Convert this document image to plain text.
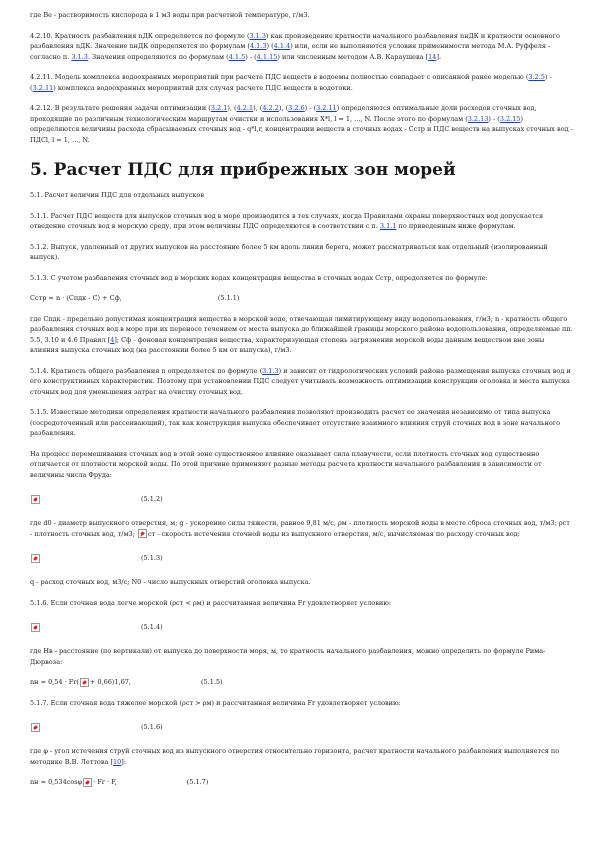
где Ве - растворимость кислорода в 1 м3 воды при расчетной температуре, г/м3.

4.2.10. Кратность разбавления nДК определяется по формуле (3.1.3) как произведение кратности начального разбавления nнДК и кратности основного разбавления nДК. Значение nнДК определяется по формулам (4.1.3) (4.1.4) или, если не выполняются условия применимости метода М.А. Руффеля - согласно п. 3.1.3. Значения определяются по формулам (4.1.5) - (4.1.15) или численным методом А.В. Караушева [14].

4.2.11. Модель комплекса водоохранных мероприятий при расчете ПДС веществ в водоемы полностью совпадает с описанной ранее моделью (3.2.5) - (3.2.11) комплекса водоохранных мероприятий для случая расчете ПДС веществ в водотоки.

4.2.12. В результате решения задачи оптимизации (3.2.1), (4.2.1), (4.2.2), (3.2.6) - (3.2.11) определяются оптимальные доли расходов сточных вод, проходящие по различным технологическим маршрутам очистки и использования X*l, l = 1, ..., N. После этого по формулам (3.2.13) - (3.2.15) определяются величины расхода сбрасываемых сточных вод - q*l,r, концентрации веществ в сточных водах - Сстр и ПДС веществ на выпусках сточных вод - ПДСl, l = 1, ..., N.

5. Расчет ПДС для прибрежных зон морей

5.1. Расчет величин ПДС для отдельных выпусков

5.1.1. Расчет ПДС веществ для выпусков сточных вод в море производится в тех случаях, когда Правилами охраны поверхностных вод допускается отведение сточных вод в морскую среду, при этом величины ПДС определяются в соответствии с п. 3.1.1 по приведенным ниже формулам.

5.1.2. Выпуск, удаленный от других выпусков на расстояние более 5 км вдоль линии берега, может рассматриваться как отдельный (изолированный выпуск).

5.1.3. С учетом разбавления сточных вод в морских водах концентрация вещества в сточных водах Сстр, определяется по формуле:

Сстр = n · (Спдк - С) + Сф,	(5.1.1)

где Спдк - предельно допустимая концентрация вещества в морской воде, отвечающая лимитирующему виду водопользования, г/м3; n - кратность общего разбавления сточных вод в море при их переносе течением от места выпуска до ближайшей границы морского района водопользования, определяемые пп. 5.5, 3.10 и 4.6 Правил [4]; Сф - фоновая концентрация вещества, характеризующая степень загрязнения морской воды данным веществом вне зоны влияния выпуска сточных вод (на расстоянии более 5 км от выпуска), г/м3.

5.1.4. Кратность общего разбавления n определяется по формуле (3.1.3) и зависит от гидрологических условий района размещения выпуска сточных вод и его конструктивных характеристик. Поэтому при установлении ПДС следует учитывать возможность оптимизации конструкции оголовка и места выпуска сточных вод для уменьшения затрат на очистку сточных вод.

5.1.5. Известные методики определения кратности начального разбавления позволяют производить расчет ее значения независимо от типа выпуска (сосредоточенный или рассеивающий), так как конструкция выпуска обеспечивает отсутствие взаимного влияния струй сточных вод в зоне начального разбавления.

На процесс перемешивания сточных вод в этой зоне существенное влияние оказывает сила плавучести, если плотность сточных вод существенно отличается от плотности морской воды. По этой причине применяют разные методы расчета кратности начального разбавления в зависимости от величины числа Фруда:

(5.1.2)

где d0 - диаметр выпускного отверстия, м; g - ускорение силы тяжести, равное 9,81 м/с, ρм - плотность морской воды в месте сброса сточных вод, т/м3; ρст - плотность сточных вод, т/м3; ст - скорость истечения сточной воды из выпускного отверстия, м/с, вычисляемая по расходу сточных вод:

(5.1.3)

q - расход сточных вод, м3/с; N0 - число выпускных отверстий оголовка выпуска.

5.1.6. Если сточная вода легче морской (ρст < ρм) и рассчитанная величина Fr удовлетворяет условию:

(5.1.4)

где Нв - расстояние (по вертикали) от выпуска до поверхности моря, м, то кратность начального разбавления, можно определить по формуле Рима-Дюрвоза:

nн = 0,54 · Fr( + 0,66)1,67,	(5.1.5)

5.1.7. Если сточная вода тяжелее морской (ρст > ρм) и рассчитанная величина Fr удовлетворяет условию:

(5.1.6)

где φ - угол истечения струй сточных вод из выпускного отверстия относительно горизонта, расчет кратности начального разбавления выполняется по методике В.В. Леттова [10]:

nн = 0,534cosφ · Fr · F,	(5.1.7)
